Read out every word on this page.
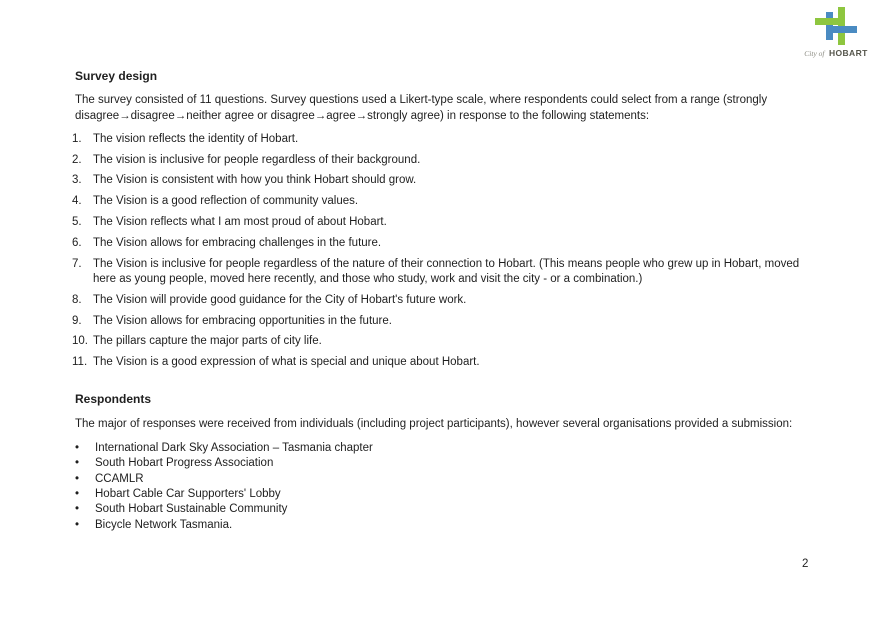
City of HOBART
Survey design

The survey consisted of 11 questions. Survey questions used a Likert-type scale, where respondents could select from a range (strongly disagree→disagree→neither agree or disagree→agree→strongly agree) in response to the following statements:

1. The vision reflects the identity of Hobart.
2. The vision is inclusive for people regardless of their background.
3. The Vision is consistent with how you think Hobart should grow.
4. The Vision is a good reflection of community values.
5. The Vision reflects what I am most proud of about Hobart.
6. The Vision allows for embracing challenges in the future.
7. The Vision is inclusive for people regardless of the nature of their connection to Hobart. (This means people who grew up in Hobart, moved here as young people, moved here recently, and those who study, work and visit the city - or a combination.)
8. The Vision will provide good guidance for the City of Hobart's future work.
9. The Vision allows for embracing opportunities in the future.
10. The pillars capture the major parts of city life.
11. The Vision is a good expression of what is special and unique about Hobart.
Respondents

The major of responses were received from individuals (including project participants), however several organisations provided a submission:

•	International Dark Sky Association – Tasmania chapter
•	South Hobart Progress Association
•	CCAMLR
•	Hobart Cable Car Supporters' Lobby
•	South Hobart Sustainable Community
•	Bicycle Network Tasmania.
2
